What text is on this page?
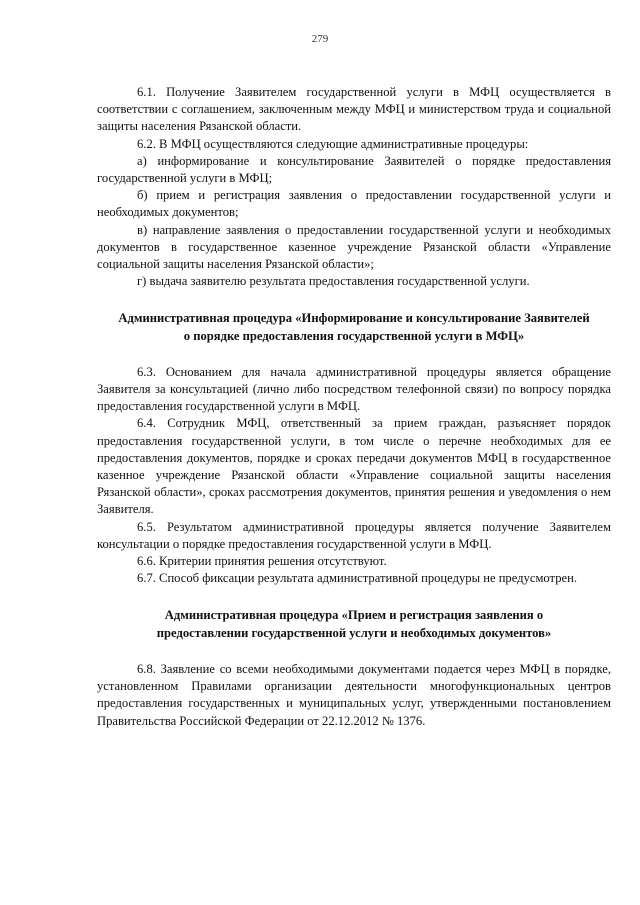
279

6.1. Получение Заявителем государственной услуги в МФЦ осуществляется в соответствии с соглашением, заключенным между МФЦ и министерством труда и социальной защиты населения Рязанской области.

6.2. В МФЦ осуществляются следующие административные процедуры:

а) информирование и консультирование Заявителей о порядке предоставления государственной услуги в МФЦ;

б) прием и регистрация заявления о предоставлении государственной услуги и необходимых документов;

в) направление заявления о предоставлении государственной услуги и необходимых документов в государственное казенное учреждение Рязанской области «Управление социальной защиты населения Рязанской области»;

г) выдача заявителю результата предоставления государственной услуги.

Административная процедура «Информирование и консультирование Заявителей о порядке предоставления государственной услуги в МФЦ»

6.3. Основанием для начала административной процедуры является обращение Заявителя за консультацией (лично либо посредством телефонной связи) по вопросу порядка предоставления государственной услуги в МФЦ.

6.4. Сотрудник МФЦ, ответственный за прием граждан, разъясняет порядок предоставления государственной услуги, в том числе о перечне необходимых для ее предоставления документов, порядке и сроках передачи документов МФЦ в государственное казенное учреждение Рязанской области «Управление социальной защиты населения Рязанской области», сроках рассмотрения документов, принятия решения и уведомления о нем Заявителя.

6.5. Результатом административной процедуры является получение Заявителем консультации о порядке предоставления государственной услуги в МФЦ.

6.6. Критерии принятия решения отсутствуют.

6.7. Способ фиксации результата административной процедуры не предусмотрен.

Административная процедура «Прием и регистрация заявления о предоставлении государственной услуги и необходимых документов»

6.8. Заявление со всеми необходимыми документами подается через МФЦ в порядке, установленном Правилами организации деятельности многофункциональных центров предоставления государственных и муниципальных услуг, утвержденными постановлением Правительства Российской Федерации от 22.12.2012 № 1376.
